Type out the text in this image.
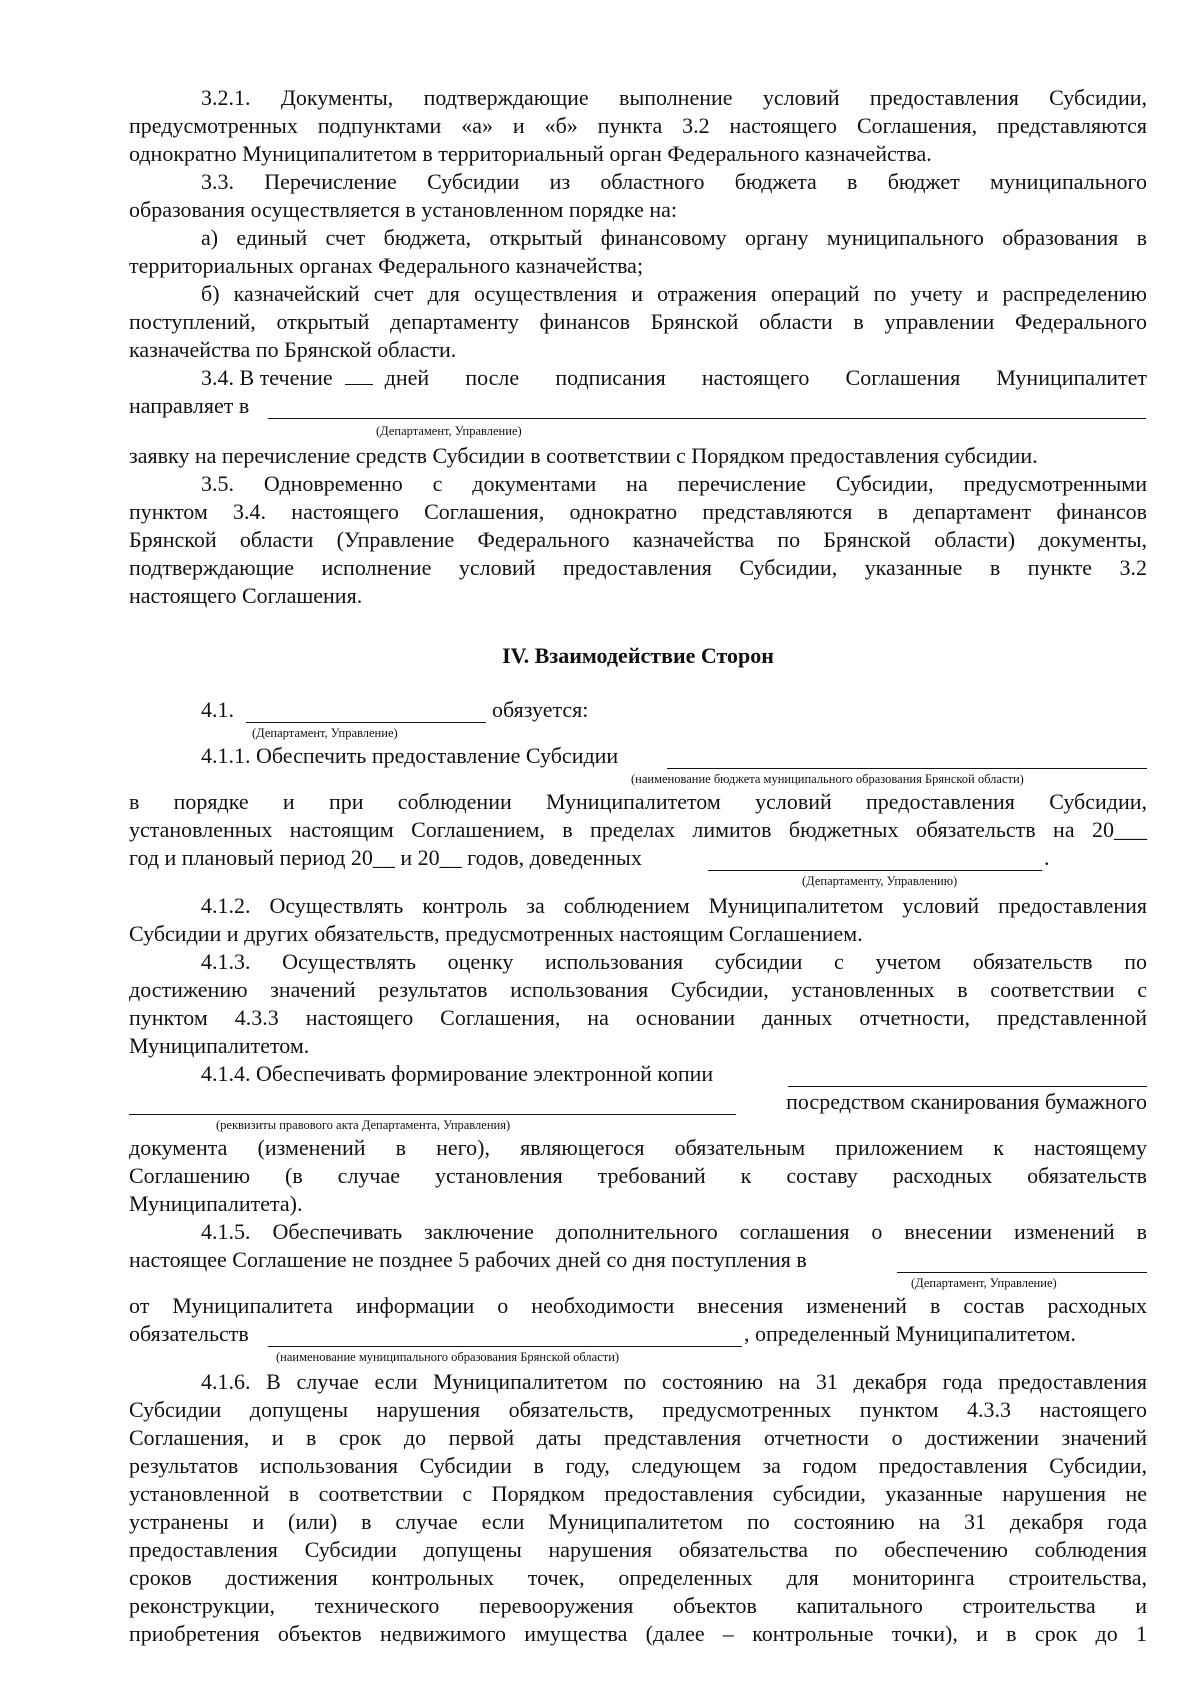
3.2.1. Документы, подтверждающие выполнение условий предоставления Субсидии,
предусмотренных подпунктами «а» и «б» пункта 3.2 настоящего Соглашения, представляются
однократно Муниципалитетом в территориальный орган Федерального казначейства.
3.3. Перечисление Субсидии из областного бюджета в бюджет муниципального
образования осуществляется в установленном порядке на:
а) единый счет бюджета, открытый финансовому органу муниципального образования в
территориальных органах Федерального казначейства;
б) казначейский счет для осуществления и отражения операций по учету и распределению
поступлений, открытый департаменту финансов Брянской области в управлении Федерального
казначейства по Брянской области.
3.4. В течение дней после подписания настоящего Соглашения Муниципалитет
направляет в
(Департамент, Управление)
заявку на перечисление средств Субсидии в соответствии с Порядком предоставления субсидии.
3.5. Одновременно с документами на перечисление Субсидии, предусмотренными
пунктом 3.4. настоящего Соглашения, однократно представляются в департамент финансов
Брянской области (Управление Федерального казначейства по Брянской области) документы,
подтверждающие исполнение условий предоставления Субсидии, указанные в пункте 3.2
настоящего Соглашения.
IV. Взаимодействие Сторон
4.1.	обязуется:
(Департамент, Управление)
4.1.1. Обеспечить предоставление Субсидии
(наименование бюджета муниципального образования Брянской области)
в порядке и при соблюдении Муниципалитетом условий предоставления Субсидии,
установленных настоящим Соглашением, в пределах лимитов бюджетных обязательств на 20___
год и плановый период 20__ и 20__ годов, доведенных	.
(Департаменту, Управлению)
4.1.2. Осуществлять контроль за соблюдением Муниципалитетом условий предоставления
Субсидии и других обязательств, предусмотренных настоящим Соглашением.
4.1.3. Осуществлять оценку использования субсидии с учетом обязательств по
достижению значений результатов использования Субсидии, установленных в соответствии с
пунктом 4.3.3 настоящего Соглашения, на основании данных отчетности, представленной
Муниципалитетом.
4.1.4. Обеспечивать формирование электронной копии
посредством сканирования бумажного
(реквизиты правового акта Департамента, Управления)
документа (изменений в него), являющегося обязательным приложением к настоящему
Соглашению (в случае установления требований к составу расходных обязательств
Муниципалитета).
4.1.5. Обеспечивать заключение дополнительного соглашения о внесении изменений в
настоящее Соглашение не позднее 5 рабочих дней со дня поступления в
(Департамент, Управление)
от Муниципалитета информации о необходимости внесения изменений в состав расходных
обязательств	, определенный Муниципалитетом.
(наименование муниципального образования Брянской области)
4.1.6. В случае если Муниципалитетом по состоянию на 31 декабря года предоставления
Субсидии допущены нарушения обязательств, предусмотренных пунктом 4.3.3 настоящего
Соглашения, и в срок до первой даты представления отчетности о достижении значений
результатов использования Субсидии в году, следующем за годом предоставления Субсидии,
установленной в соответствии с Порядком предоставления субсидии, указанные нарушения не
устранены и (или) в случае если Муниципалитетом по состоянию на 31 декабря года
предоставления Субсидии допущены нарушения обязательства по обеспечению соблюдения
сроков достижения контрольных точек, определенных для мониторинга строительства,
реконструкции, технического перевооружения объектов капитального строительства и
приобретения объектов недвижимого имущества (далее – контрольные точки), и в срок до 1
